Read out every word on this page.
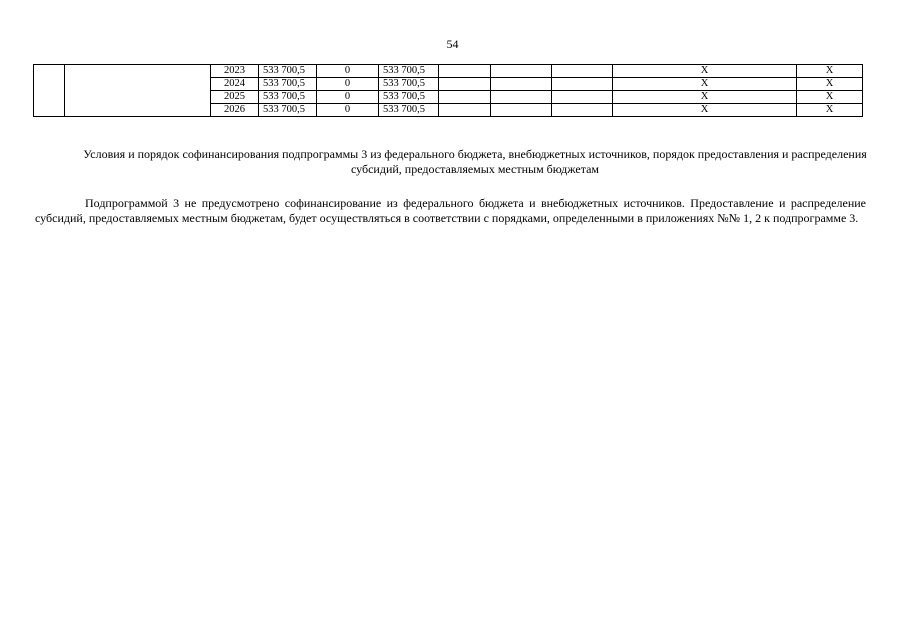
54
		2023	533 700,5	0	533 700,5				X	X
		2024	533 700,5	0	533 700,5				X	X
		2025	533 700,5	0	533 700,5				X	X
		2026	533 700,5	0	533 700,5				X	X
Условия и порядок софинансирования подпрограммы 3 из федерального бюджета, внебюджетных источников, порядок предоставления и распределения субсидий, предоставляемых местным бюджетам

Подпрограммой 3 не предусмотрено софинансирование из федерального бюджета и внебюджетных источников. Предоставление и распределение субсидий, предоставляемых местным бюджетам, будет осуществляться в соответствии с порядками, определенными в приложениях №№ 1, 2 к подпрограмме 3.
